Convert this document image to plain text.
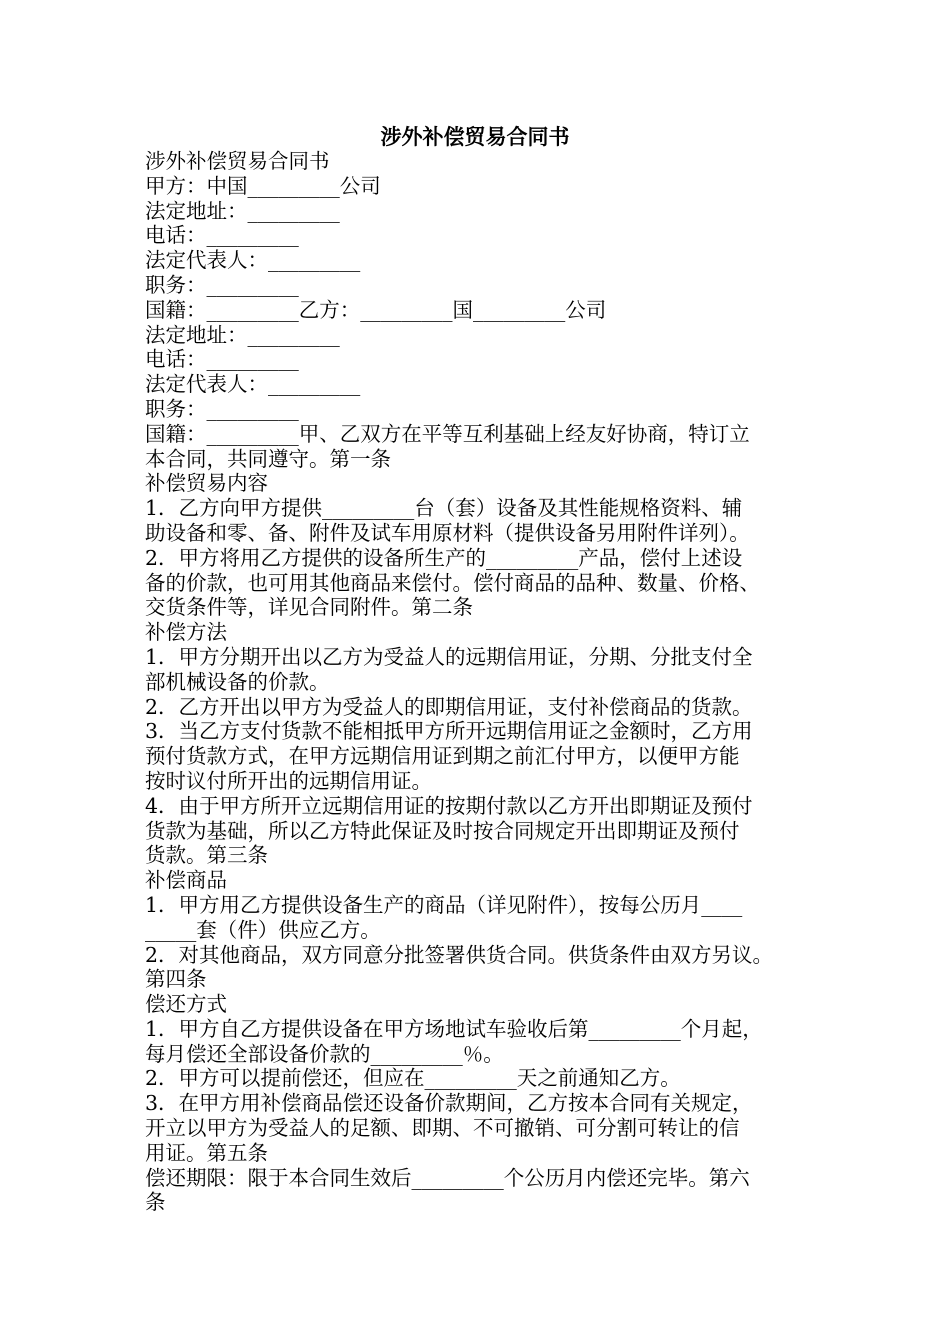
涉外补偿贸易合同书
涉外补偿贸易合同书
甲方：中国_________公司
法定地址：_________
电话：_________
法定代表人：_________
职务：_________
国籍：_________乙方：_________国_________公司
法定地址：_________
电话：_________
法定代表人：_________
职务：_________
国籍：_________甲、乙双方在平等互利基础上经友好协商，特订立
本合同，共同遵守。第一条
补偿贸易内容
1．乙方向甲方提供_________台（套）设备及其性能规格资料、辅
助设备和零、备、附件及试车用原材料（提供设备另用附件详列）。
2．甲方将用乙方提供的设备所生产的_________产品，偿付上述设
备的价款，也可用其他商品来偿付。偿付商品的品种、数量、价格、
交货条件等，详见合同附件。第二条
补偿方法
1．甲方分期开出以乙方为受益人的远期信用证，分期、分批支付全
部机械设备的价款。
2．乙方开出以甲方为受益人的即期信用证，支付补偿商品的货款。
3．当乙方支付货款不能相抵甲方所开远期信用证之金额时，乙方用
预付货款方式，在甲方远期信用证到期之前汇付甲方，以便甲方能
按时议付所开出的远期信用证。
4．由于甲方所开立远期信用证的按期付款以乙方开出即期证及预付
货款为基础，所以乙方特此保证及时按合同规定开出即期证及预付
货款。第三条
补偿商品
1．甲方用乙方提供设备生产的商品（详见附件），按每公历月____
_____套（件）供应乙方。
2．对其他商品，双方同意分批签署供货合同。供货条件由双方另议。
第四条
偿还方式
1．甲方自乙方提供设备在甲方场地试车验收后第_________个月起，
每月偿还全部设备价款的_________％。
2．甲方可以提前偿还，但应在_________天之前通知乙方。
3．在甲方用补偿商品偿还设备价款期间，乙方按本合同有关规定，
开立以甲方为受益人的足额、即期、不可撤销、可分割可转让的信
用证。第五条
偿还期限：限于本合同生效后_________个公历月内偿还完毕。第六
条
